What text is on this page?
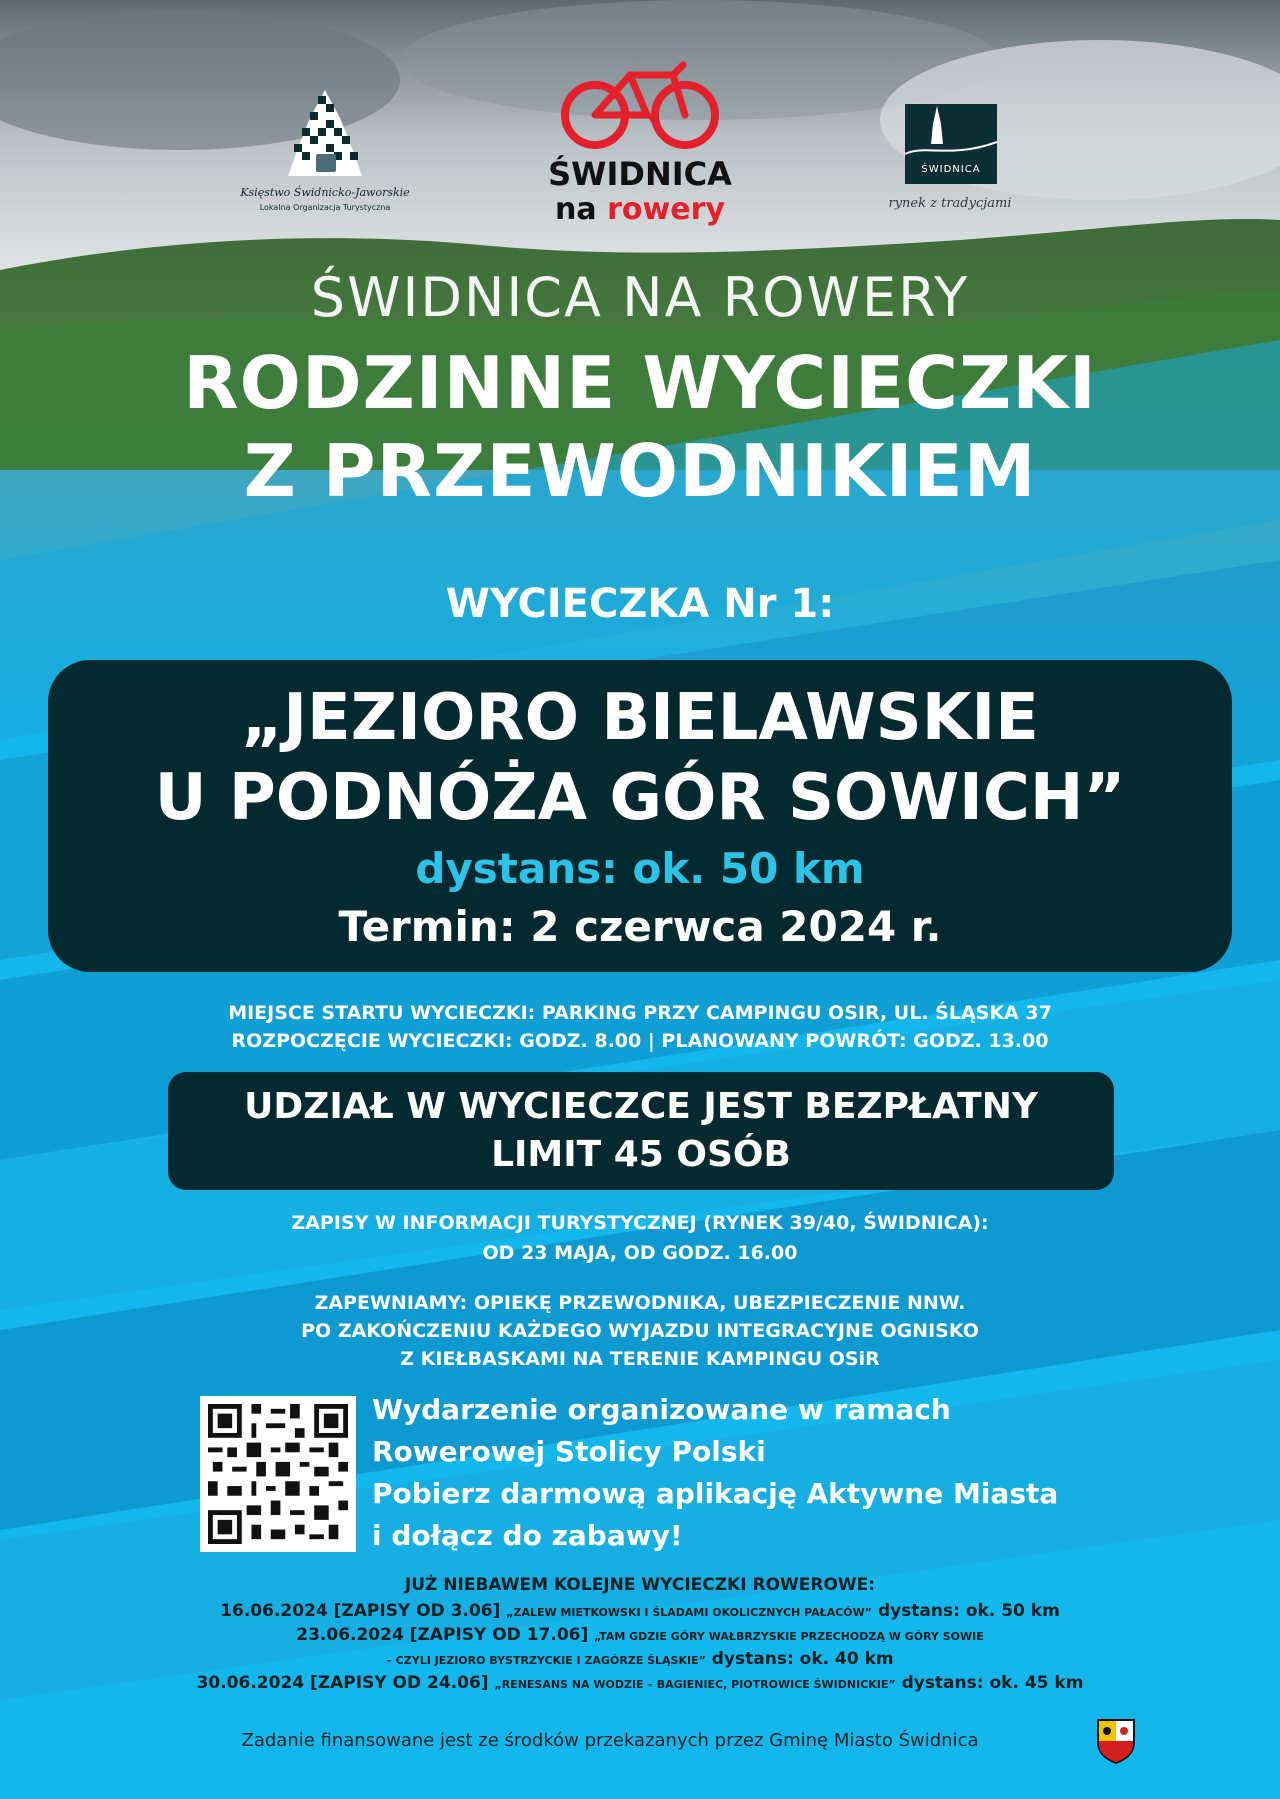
Księstwo Świdnicko-Jaworskie
Lokalna Organizacja Turystyczna
ŚWIDNICA
na rowery
ŚWIDNICA
rynek z tradycjami
ŚWIDNICA NA ROWERY
RODZINNE WYCIECZKI
Z PRZEWODNIKIEM
WYCIECZKA Nr 1:
„JEZIORO BIELAWSKIE
U PODNÓŻA GÓR SOWICH”
dystans: ok. 50 km
Termin: 2 czerwca 2024 r.
MIEJSCE STARTU WYCIECZKI: PARKING PRZY CAMPINGU OSIR, UL. ŚLĄSKA 37
ROZPOCZĘCIE WYCIECZKI: GODZ. 8.00 | PLANOWANY POWRÓT: GODZ. 13.00
UDZIAŁ W WYCIECZCE JEST BEZPŁATNY
LIMIT 45 OSÓB
ZAPISY W INFORMACJI TURYSTYCZNEJ (RYNEK 39/40, ŚWIDNICA):
OD 23 MAJA, OD GODZ. 16.00
ZAPEWNIAMY: OPIEKĘ PRZEWODNIKA, UBEZPIECZENIE NNW.
PO ZAKOŃCZENIU KAŻDEGO WYJAZDU INTEGRACYJNE OGNISKO
Z KIEŁBASKAMI NA TERENIE KAMPINGU OSiR
Wydarzenie organizowane w ramach
Rowerowej Stolicy Polski
Pobierz darmową aplikację Aktywne Miasta
i dołącz do zabawy!
JUŻ NIEBAWEM KOLEJNE WYCIECZKI ROWEROWE:
16.06.2024 [ZAPISY OD 3.06] „ZALEW MIETKOWSKI I ŚLADAMI OKOLICZNYCH PAŁACÓW” dystans: ok. 50 km
23.06.2024 [ZAPISY OD 17.06] „TAM GDZIE GÓRY WAŁBRZYSKIE PRZECHODZĄ W GÓRY SOWIE
– CZYLI JEZIORO BYSTRZYCKIE I ZAGÓRZE ŚLĄSKIE” dystans: ok. 40 km
30.06.2024 [ZAPISY OD 24.06] „RENESANS NA WODZIE – BAGIENIEC, PIOTROWICE ŚWIDNICKIE” dystans: ok. 45 km
Zadanie finansowane jest ze środków przekazanych przez Gminę Miasto Świdnica
